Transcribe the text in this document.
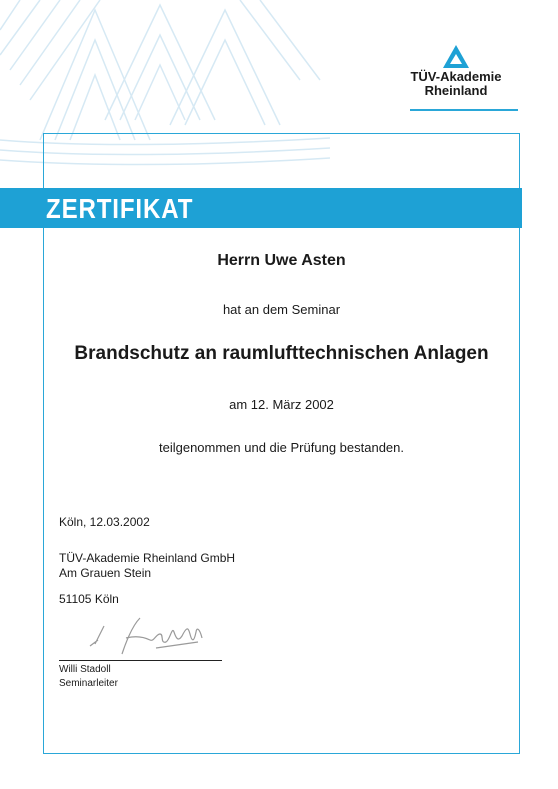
TÜV-Akademie
Rheinland
ZERTIFIKAT
Herrn Uwe Asten
hat an dem Seminar
Brandschutz an raumlufttechnischen Anlagen
am 12. März 2002
teilgenommen und die Prüfung bestanden.
Köln, 12.03.2002
TÜV-Akademie Rheinland GmbH
Am Grauen Stein
51105 Köln
Willi Stadoll
Seminarleiter
